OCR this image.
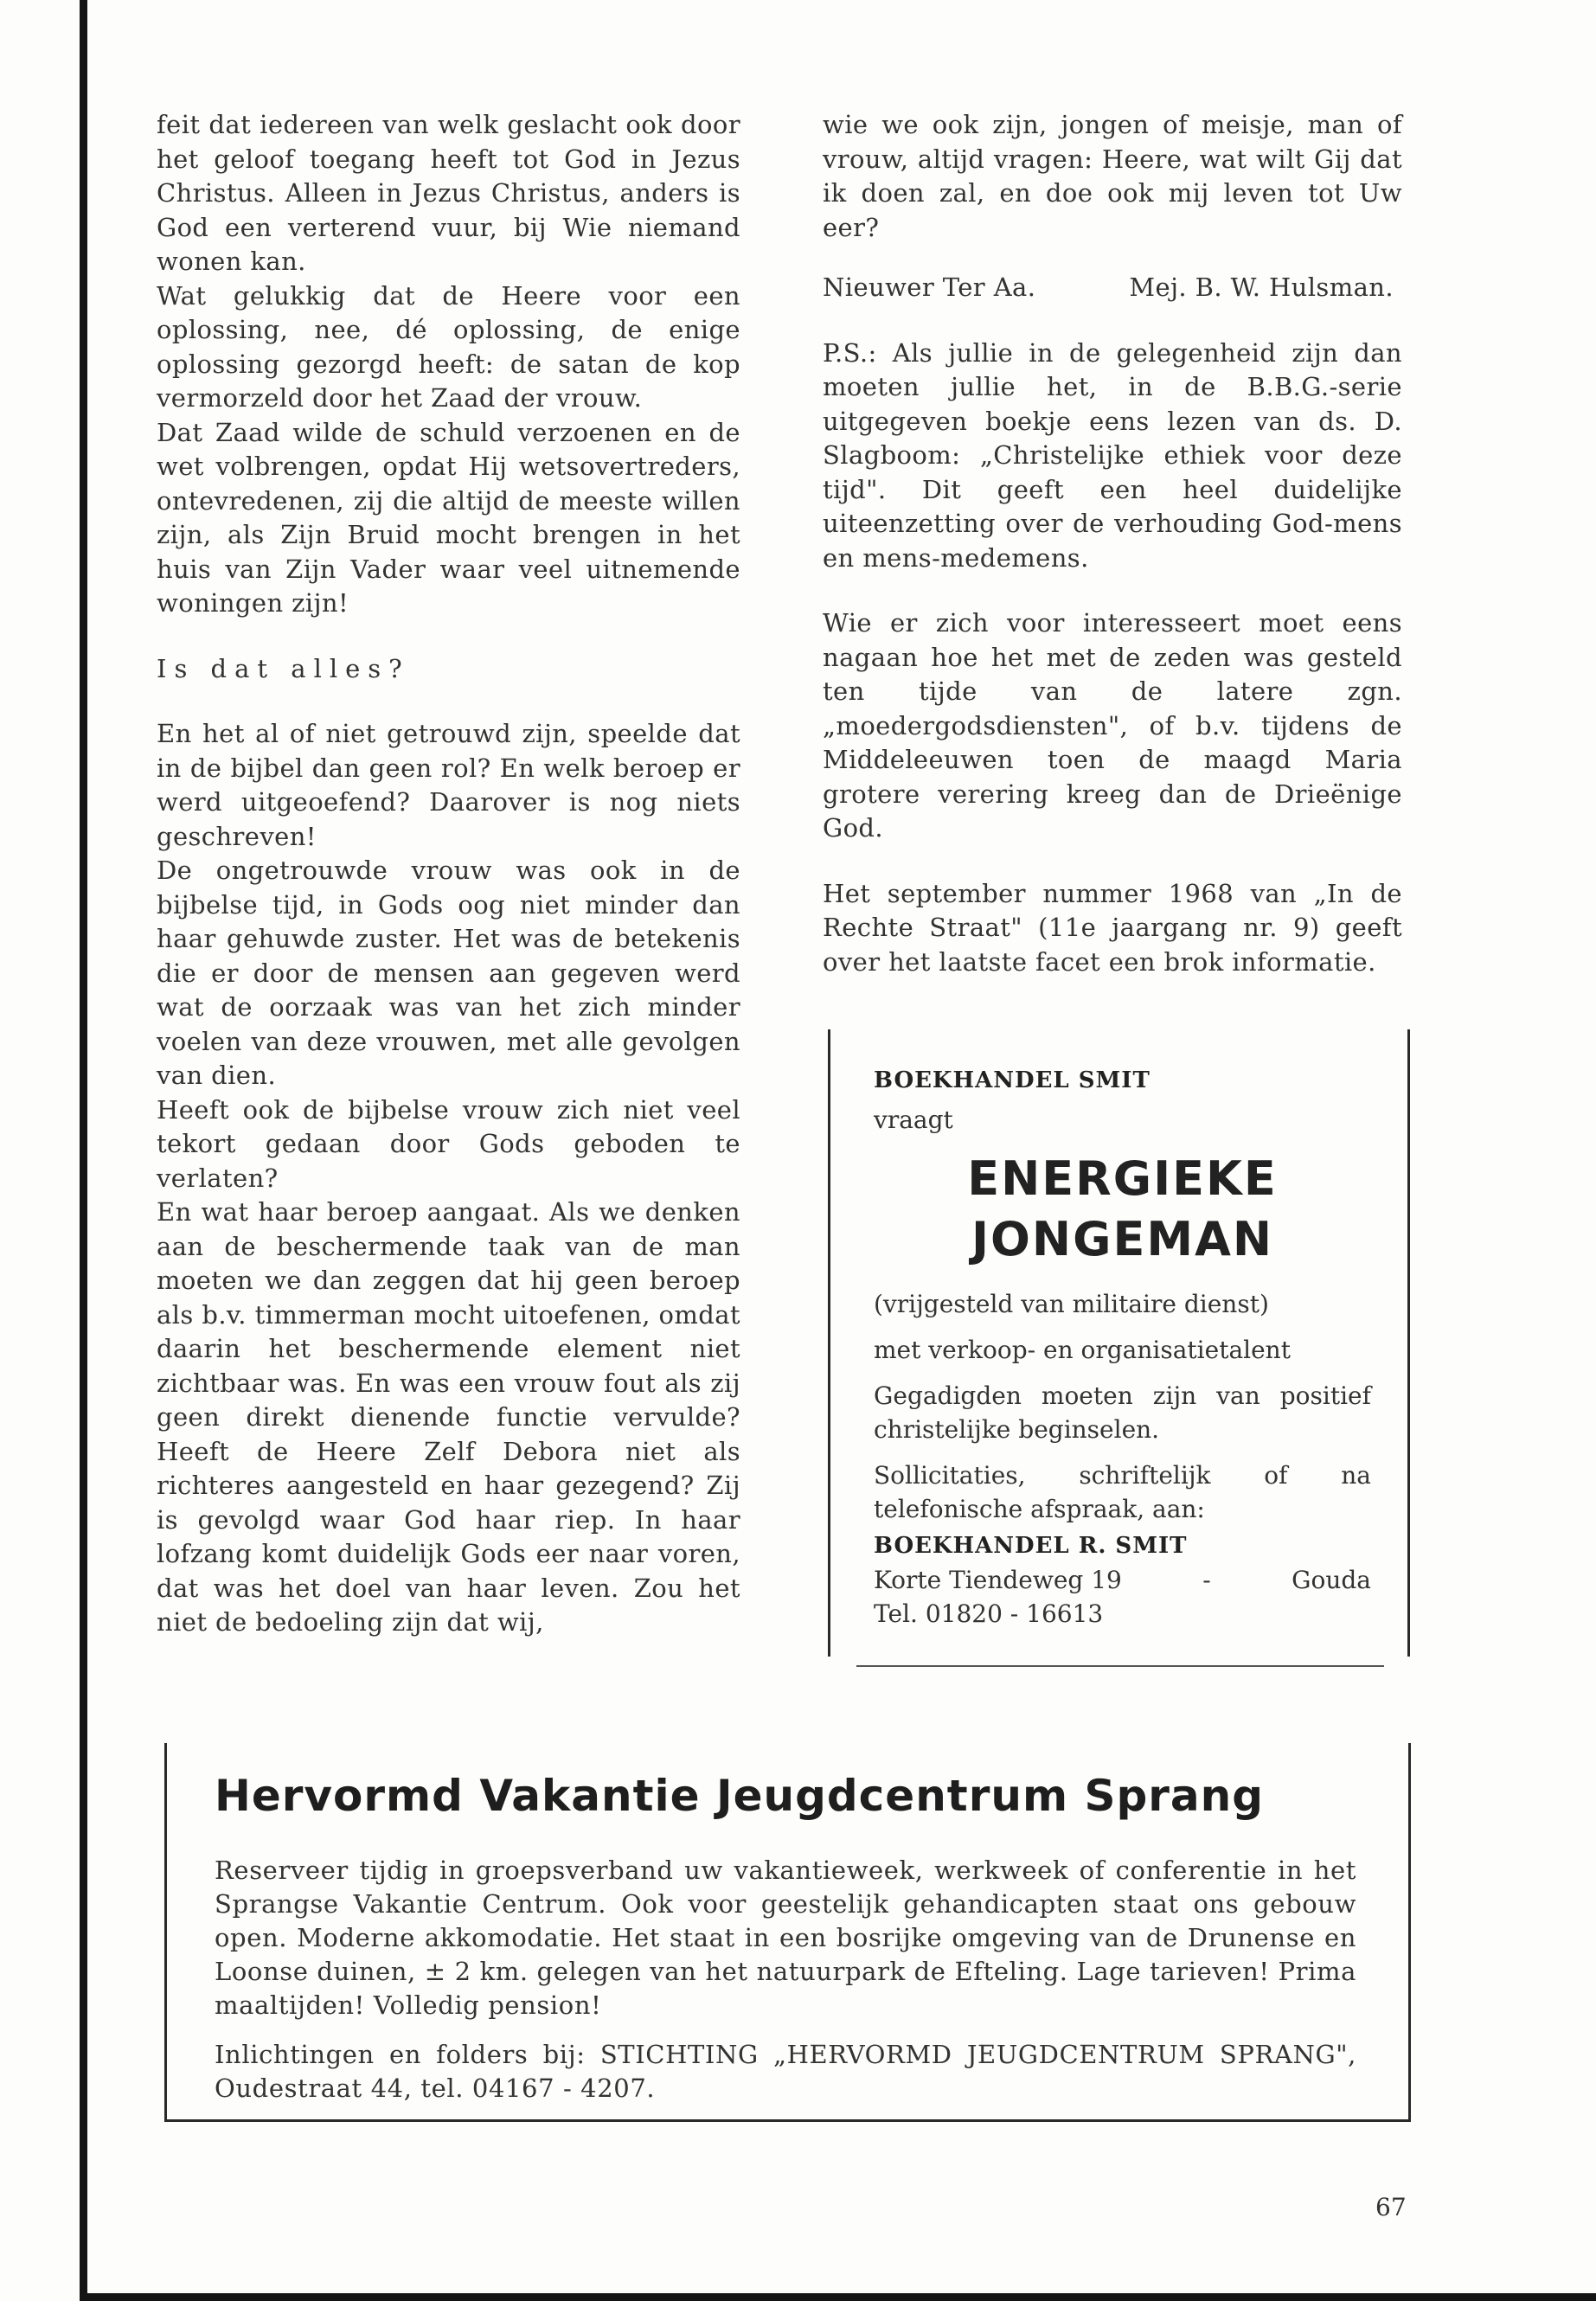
feit dat iedereen van welk geslacht ook door het geloof toegang heeft tot God in Jezus Christus. Alleen in Jezus Christus, anders is God een verterend vuur, bij Wie niemand wonen kan.

Wat gelukkig dat de Heere voor een oplossing, nee, dé oplossing, de enige oplossing gezorgd heeft: de satan de kop vermorzeld door het Zaad der vrouw.

Dat Zaad wilde de schuld verzoenen en de wet volbrengen, opdat Hij wetsovertreders, ontevredenen, zij die altijd de meeste willen zijn, als Zijn Bruid mocht brengen in het huis van Zijn Vader waar veel uitnemende woningen zijn!

Is dat alles?

En het al of niet getrouwd zijn, speelde dat in de bijbel dan geen rol? En welk beroep er werd uitgeoefend? Daarover is nog niets geschreven!

De ongetrouwde vrouw was ook in de bijbelse tijd, in Gods oog niet minder dan haar gehuwde zuster. Het was de betekenis die er door de mensen aan gegeven werd wat de oorzaak was van het zich minder voelen van deze vrouwen, met alle gevolgen van dien.

Heeft ook de bijbelse vrouw zich niet veel tekort gedaan door Gods geboden te verlaten?

En wat haar beroep aangaat. Als we denken aan de beschermende taak van de man moeten we dan zeggen dat hij geen beroep als b.v. timmerman mocht uitoefenen, omdat daarin het beschermende element niet zichtbaar was. En was een vrouw fout als zij geen direkt dienende functie vervulde? Heeft de Heere Zelf Debora niet als richteres aangesteld en haar gezegend? Zij is gevolgd waar God haar riep. In haar lofzang komt duidelijk Gods eer naar voren, dat was het doel van haar leven. Zou het niet de bedoeling zijn dat wij,

wie we ook zijn, jongen of meisje, man of vrouw, altijd vragen: Heere, wat wilt Gij dat ik doen zal, en doe ook mij leven tot Uw eer?

Nieuwer Ter Aa.	Mej. B. W. Hulsman.

P.S.: Als jullie in de gelegenheid zijn dan moeten jullie het, in de B.B.G.-serie uitgegeven boekje eens lezen van ds. D. Slagboom: „Christelijke ethiek voor deze tijd". Dit geeft een heel duidelijke uiteenzetting over de verhouding God-mens en mens-medemens.

Wie er zich voor interesseert moet eens nagaan hoe het met de zeden was gesteld ten tijde van de latere zgn. „moedergodsdiensten", of b.v. tijdens de Middeleeuwen toen de maagd Maria grotere verering kreeg dan de Drieënige God.

Het september nummer 1968 van „In de Rechte Straat" (11e jaargang nr. 9) geeft over het laatste facet een brok informatie.

BOEKHANDEL SMIT

vraagt

ENERGIEKE

JONGEMAN

(vrijgesteld van militaire dienst)

met verkoop- en organisatietalent

Gegadigden moeten zijn van positief christelijke beginselen.

Sollicitaties, schriftelijk of na telefonische afspraak, aan:

BOEKHANDEL R. SMIT

Korte Tiendeweg 19	-	Gouda

Tel. 01820 - 16613

Hervormd Vakantie Jeugdcentrum Sprang

Reserveer tijdig in groepsverband uw vakantieweek, werkweek of conferentie in het Sprangse Vakantie Centrum. Ook voor geestelijk gehandicapten staat ons gebouw open. Moderne akkomodatie. Het staat in een bosrijke omgeving van de Drunense en Loonse duinen, ± 2 km. gelegen van het natuurpark de Efteling. Lage tarieven! Prima maaltijden! Volledig pension!

Inlichtingen en folders bij: STICHTING „HERVORMD JEUGDCENTRUM SPRANG", Oudestraat 44, tel. 04167 - 4207.

67
